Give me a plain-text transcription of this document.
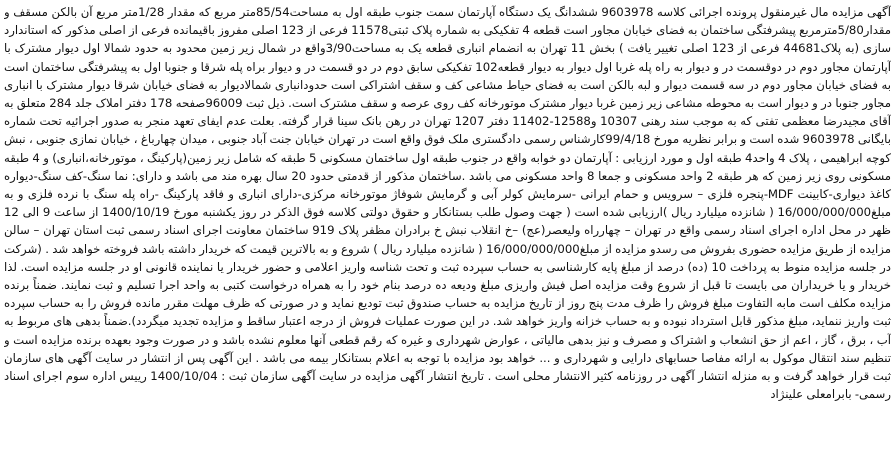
آگهی مزایده مال غیرمنقول پرونده اجرائی کلاسه 9603978 ششدانگ یک دستگاه آپارتمان سمت جنوب طبقه اول به مساحت85/54متر مربع که مقدار 1/28متر مربع آن بالکن مسقف و مقدار5/80مترمربع پیشرفتگی ساختمان به فضای خیابان مجاور است قطعه 4 تفکیکی به شماره پلاک ثبتی11578 فرعی از 123 اصلی مفروز باقیمانده فرعی از اصلی مذکور که استاندارد سازی (به پلاک44681 فرعی از 123 اصلی تغییر یافت ) بخش 11 تهران به انضمام انباری قطعه یک به مساحت3/90واقع در شمال زیر زمین محدود به حدود شمالا اول دیوار مشترک با آپارتمان مجاور دوم در دوقسمت در و دیوار به راه پله غربا اول دیوار به دیوار قطعه102 تفکیکی سابق دوم در دو قسمت در و دیوار براه پله شرقا و جنوبا اول به پیشرفتگی ساختمان است به فضای خیابان مجاور دوم در سه قسمت دیوار و لبه بالکن است به فضای حیاط مشاعی کف و سقف اشتراکی است حدودانباری شمالادیوار به فضای خیابان شرقا دیوار مشترک با انباری مجاور جنوبا در و دیوار است به محوطه مشاعی زیر زمین غربا دیوار مشترک موتورخانه کف روی عرصه و سقف مشترک است. ذیل ثبت 96009صفحه 178 دفتر املاک جلد 284 متعلق به آقای مجیدرضا معظمی تفتی که به موجب سند رهنی 10307 و12588-11402 دفتر 1207 تهران در رهن بانک سینا قرار گرفته. بعلت عدم ایفای تعهد منجر به صدور اجرائیه تحت شماره بایگانی 9603978 شده است و برابر نظریه مورخ 99/4/18کارشناس رسمی دادگستری ملک فوق واقع است در تهران خیابان جنت آباد جنوبی ، میدان چهارباغ ، خیابان نمازی جنوبی ، نبش کوچه ابراهیمی ، پلاک 4 واحد4 طبقه اول و مورد ارزیابی : آپارتمان دو خوابه واقع در جنوب طبقه اول ساختمان مسکونی 5 طبقه که شامل زیر زمین(پارکینگ ، موتورخانه،انباری) و 4 طبقه مسکونی روی زیر زمین که هر طبقه 2 واحد مسکونی و جمعا 8 واحد مسکونی می باشد .ساختمان مذکور از قدمتی حدود 20 سال بهره مند می باشد و دارای: نما سنگ-کف سنگ-دیواره کاغذ دیواری-کابینت MDF-پنجره فلزی – سرویس و حمام ایرانی -سرمایش کولر آبی و گرمایش شوفاژ موتورخانه مرکزی-دارای انباری و فاقد پارکینگ -راه پله سنگ با نرده فلزی و به مبلغ16/000/000/000 ( شانزده میلیارد ریال )ارزیابی شده است ( جهت وصول طلب بستانکار و حقوق دولتی کلاسه فوق الذکر در روز یکشنبه مورخ 1400/10/19 از ساعت 9 الی 12 ظهر در محل اداره اجرای اسناد رسمی واقع در تهران – چهارراه ولیعصر(عج) –خ انقلاب نبش خ برادران مظفر پلاک 919 ساختمان معاونت اجرای اسناد رسمی ثبت استان تهران – سالن مزایده از طریق مزایده حضوری بفروش می رسدو مزایده از مبلغ16/000/000/000 ( شانزده میلیارد ریال ) شروع و به بالاترین قیمت که خریدار داشته باشد فروخته خواهد شد . (شرکت در جلسه مزایده منوط به پرداخت 10 (ده) درصد از مبلغ پایه کارشناسی به حساب سپرده ثبت و تحت شناسه واریز اعلامی و حضور خریدار یا نماینده قانونی او در جلسه مزایده است. لذا خریدار و یا خریداران می بایست تا قبل از شروع وقت مزایده اصل فیش واریزی مبلغ ودیعه ده درصد بنام خود را به همراه درخواست کتبی به واحد اجرا تسلیم و ثبت نمایند. ضمناً برنده مزایده مکلف است مابه التفاوت مبلغ فروش را ظرف مدت پنج روز از تاریخ مزایده به حساب صندوق ثبت تودیع نماید و در صورتی که ظرف مهلت مقرر مانده فروش را به حساب سپرده ثبت واریز ننماید، مبلغ مذکور قابل استرداد نبوده و به حساب خزانه واریز خواهد شد. در این صورت عملیات فروش از درجه اعتبار ساقط و مزایده تجدید میگردد).ضمناً بدهی های مربوط به آب ، برق ، گاز ، اعم از حق انشعاب و اشتراک و مصرف و نیز بدهی مالیاتی ، عوارض شهرداری و غیره که رقم قطعی آنها معلوم نشده باشد و در صورت وجود بعهده برنده مزایده است و تنظیم سند انتقال موکول به ارائه مفاصا حسابهای دارایی و شهرداری و ... خواهد بود مزایده با توجه به اعلام بستانکار بیمه می باشد . این آگهی پس از انتشار در سایت آگهی های سازمان ثبت قرار خواهد گرفت و به منزله انتشار آگهی در روزنامه کثیر الانتشار محلی است . تاریخ انتشار آگهی مزایده در سایت آگهی سازمان ثبت : 1400/10/04 رییس اداره سوم اجرای اسناد رسمی- بابرامعلی علینژاد
